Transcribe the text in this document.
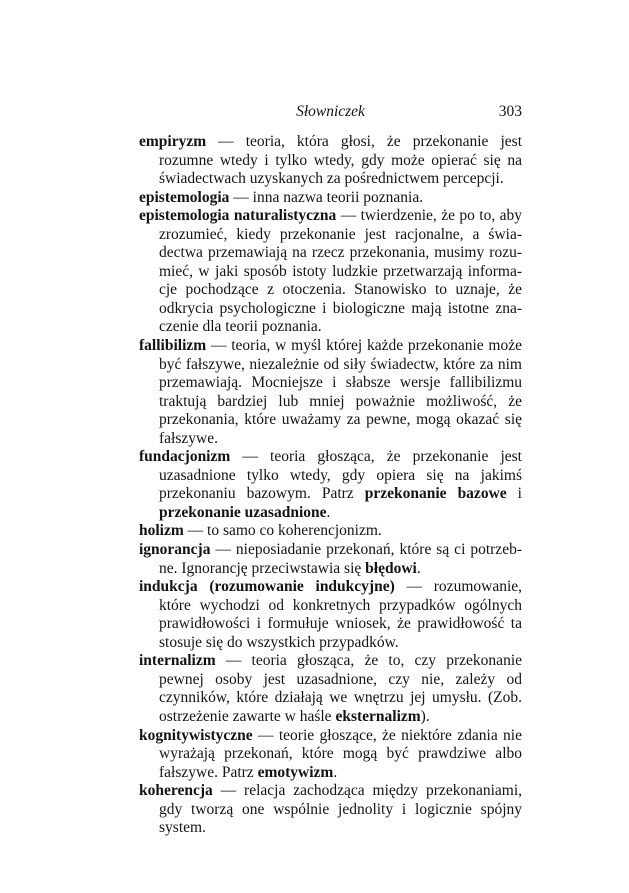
Słowniczek	303

empiryzm — teoria, która głosi, że przekonanie jest rozumne wtedy i tylko wtedy, gdy może opierać się na świadectwach uzyskanych za pośrednictwem percepcji.

epistemologia — inna nazwa teorii poznania.

epistemologia naturalistyczna — twierdzenie, że po to, aby zrozumieć, kiedy przekonanie jest racjonalne, a świadectwa przemawiają na rzecz przekonania, musimy rozumieć, w jaki sposób istoty ludzkie przetwarzają informacje pochodzące z otoczenia. Stanowisko to uznaje, że odkrycia psychologiczne i biologiczne mają istotne znaczenie dla teorii poznania.

fallibilizm — teoria, w myśl której każde przekonanie może być fałszywe, niezależnie od siły świadectw, które za nim przemawiają. Mocniejsze i słabsze wersje fallibilizmu traktują bardziej lub mniej poważnie możliwość, że przekonania, które uważamy za pewne, mogą okazać się fałszywe.

fundacjonizm — teoria głosząca, że przekonanie jest uzasadnione tylko wtedy, gdy opiera się na jakimś przekonaniu bazowym. Patrz przekonanie bazowe i przekonanie uzasadnione.

holizm — to samo co koherencjonizm.

ignorancja — nieposiadanie przekonań, które są ci potrzebne. Ignorancję przeciwstawia się błędowi.

indukcja (rozumowanie indukcyjne) — rozumowanie, które wychodzi od konkretnych przypadków ogólnych prawidłowości i formułuje wniosek, że prawidłowość ta stosuje się do wszystkich przypadków.

internalizm — teoria głosząca, że to, czy przekonanie pewnej osoby jest uzasadnione, czy nie, zależy od czynników, które działają we wnętrzu jej umysłu. (Zob. ostrzeżenie zawarte w haśle eksternalizm).

kognitywistyczne — teorie głoszące, że niektóre zdania nie wyrażają przekonań, które mogą być prawdziwe albo fałszywe. Patrz emotywizm.

koherencja — relacja zachodząca między przekonaniami, gdy tworzą one wspólnie jednolity i logicznie spójny system.
